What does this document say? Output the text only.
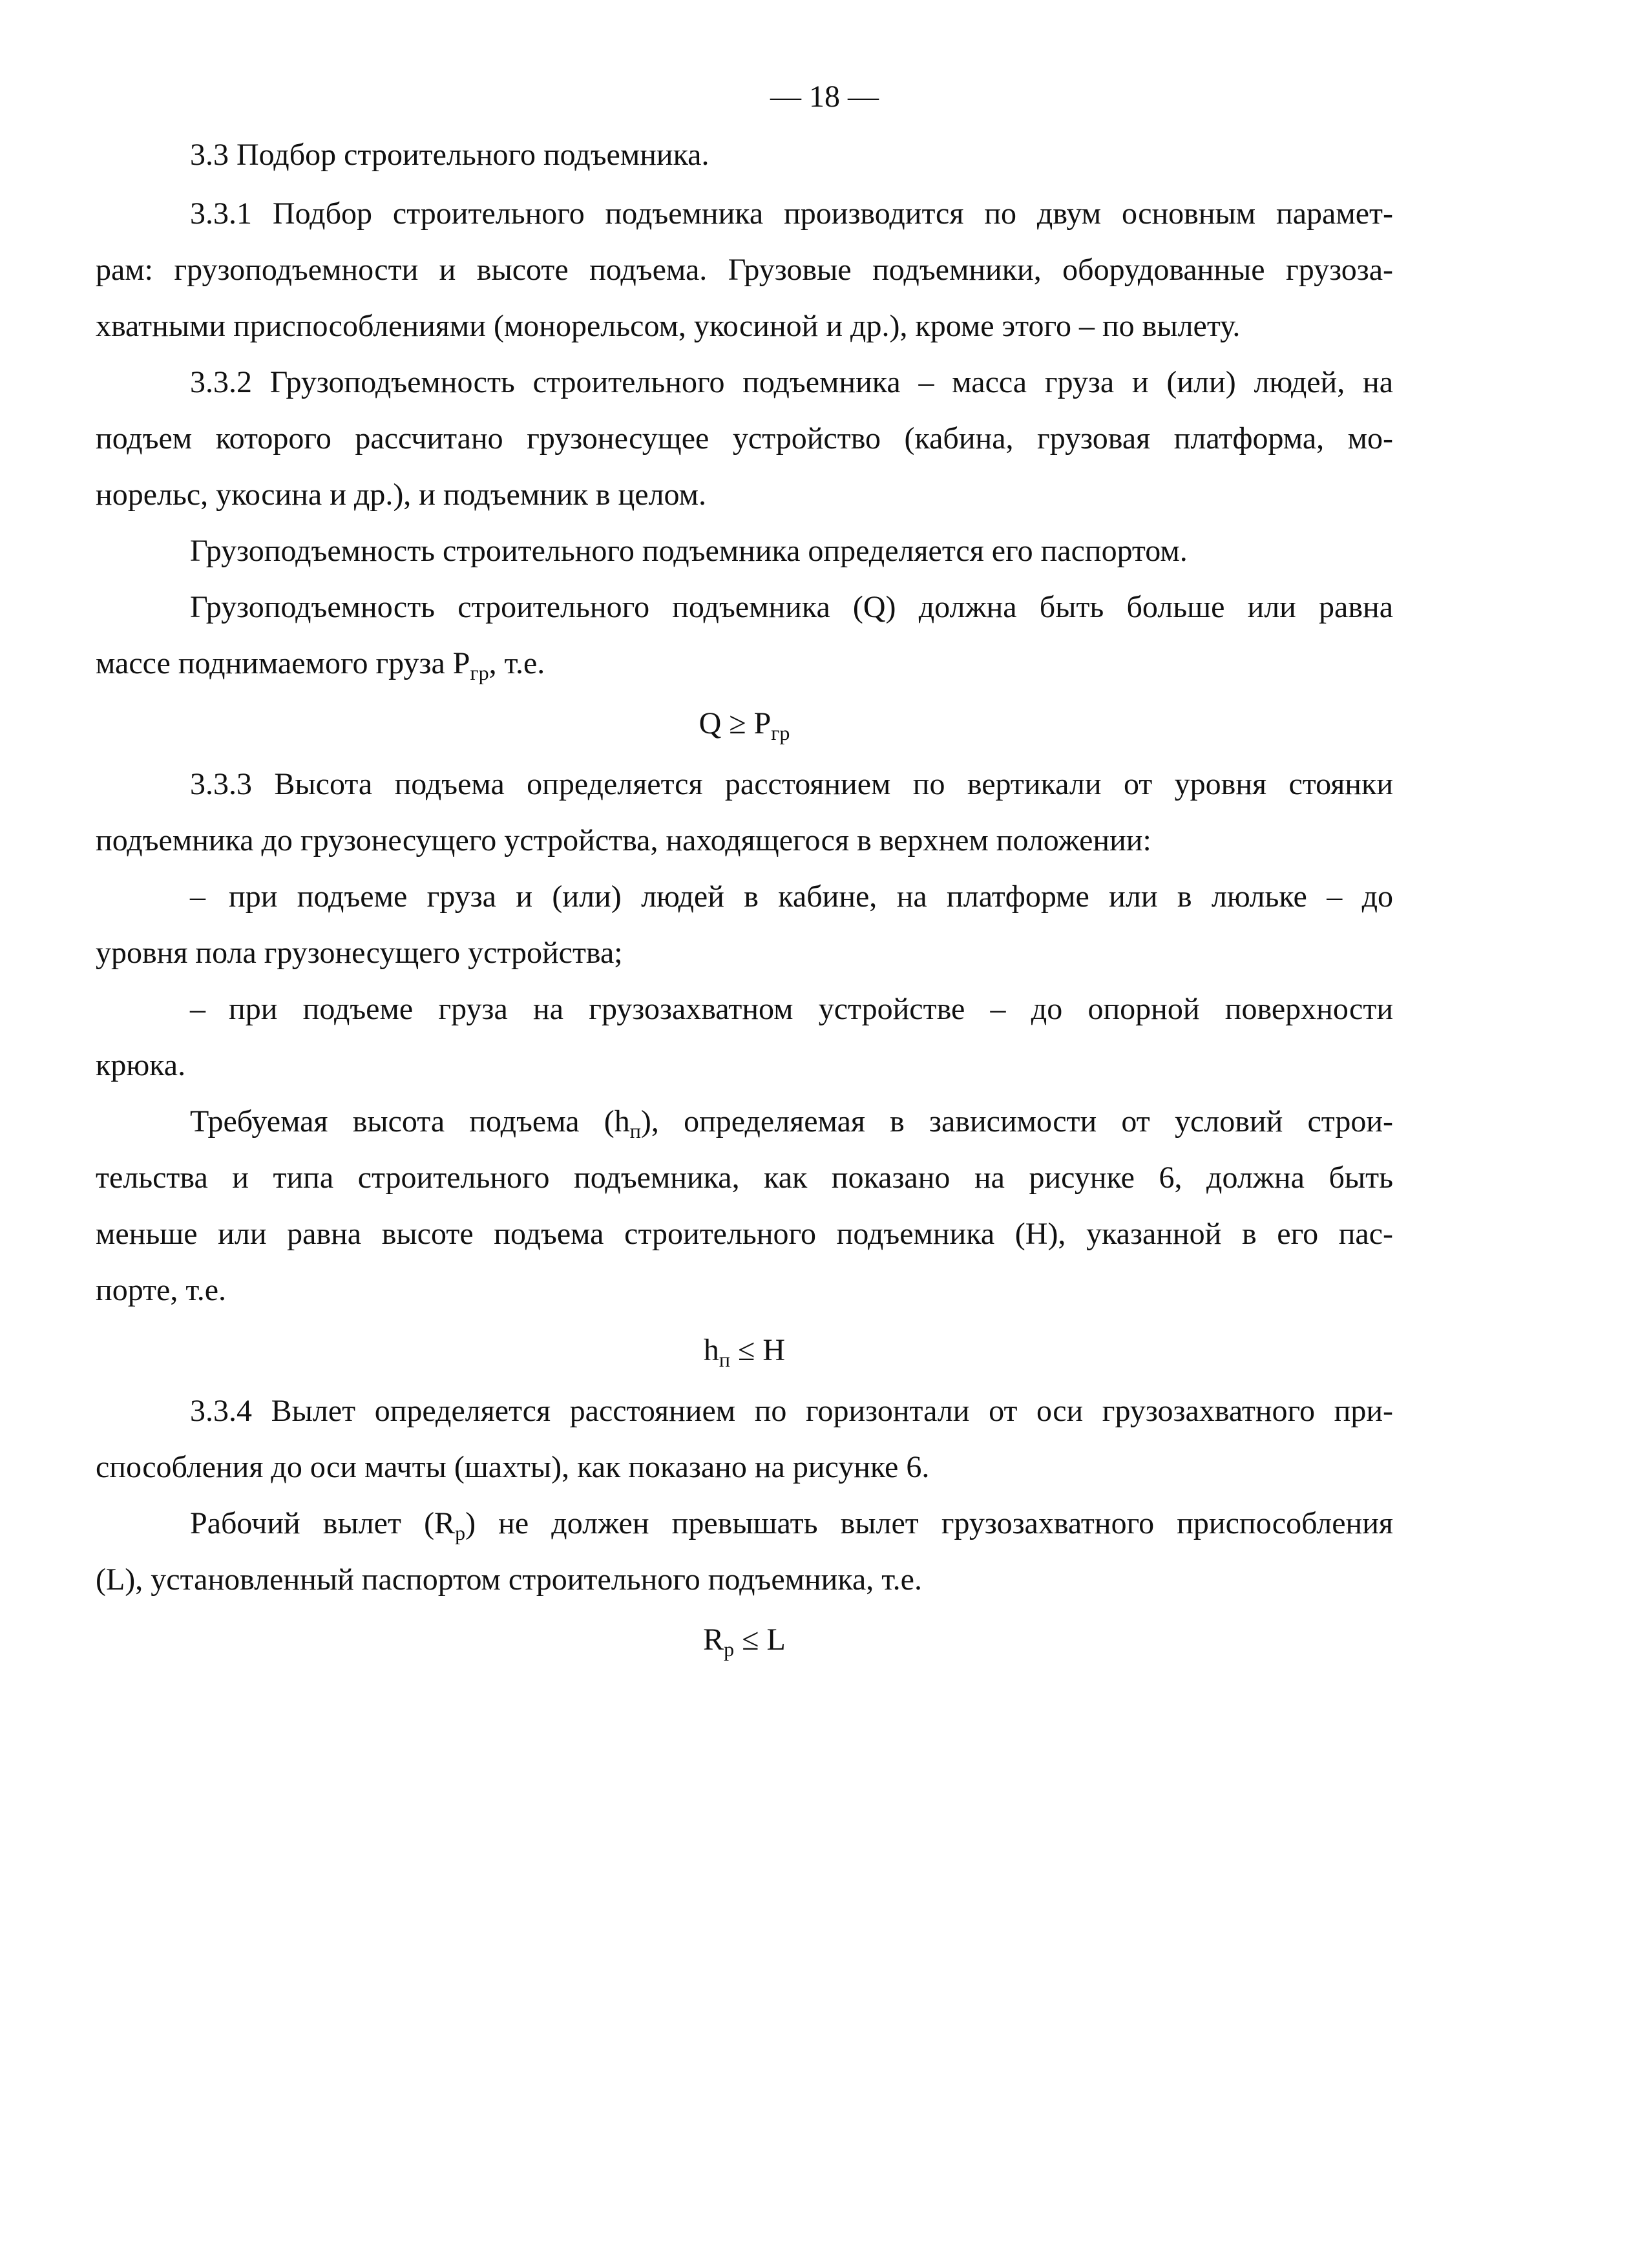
— 18 —
3.3 Подбор строительного подъемника.
3.3.1 Подбор строительного подъемника производится по двум основным парамет-
рам: грузоподъемности и высоте подъема. Грузовые подъемники, оборудованные грузоза-
хватными приспособлениями (монорельсом, укосиной и др.), кроме этого – по вылету.
3.3.2 Грузоподъемность строительного подъемника – масса груза и (или) людей, на
подъем которого рассчитано грузонесущее устройство (кабина, грузовая платформа, мо-
норельс, укосина и др.), и подъемник в целом.
Грузоподъемность строительного подъемника определяется его паспортом.
Грузоподъемность строительного подъемника (Q) должна быть больше или равна
массе поднимаемого груза $P_{гр}$, т.е.
$Q \ge P_{гр}$
3.3.3 Высота подъема определяется расстоянием по вертикали от уровня стоянки
подъемника до грузонесущего устройства, находящегося в верхнем положении:
– при подъеме груза и (или) людей в кабине, на платформе или в люльке – до
уровня пола грузонесущего устройства;
– при подъеме груза на грузозахватном устройстве – до опорной поверхности
крюка.
Требуемая высота подъема $(h_п)$, определяемая в зависимости от условий строи-
тельства и типа строительного подъемника, как показано на рисунке 6, должна быть
меньше или равна высоте подъема строительного подъемника (H), указанной в его пас-
порте, т.е.
$h_п \le H$
3.3.4 Вылет определяется расстоянием по горизонтали от оси грузозахватного при-
способления до оси мачты (шахты), как показано на рисунке 6.
Рабочий вылет $(R_р)$ не должен превышать вылет грузозахватного приспособления
(L), установленный паспортом строительного подъемника, т.е.
$R_р \le L$
